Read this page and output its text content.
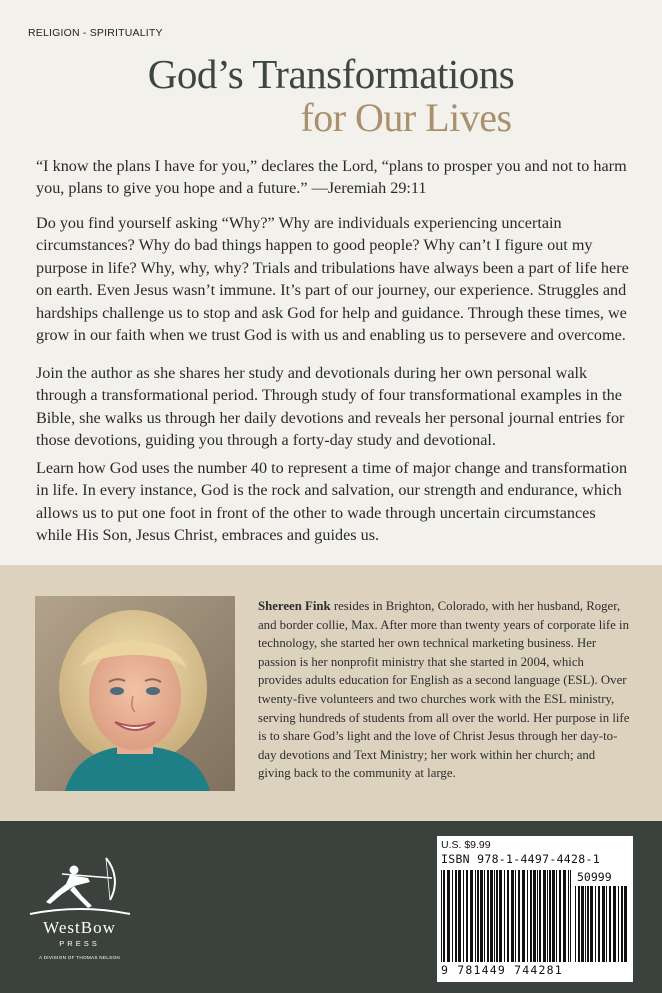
RELIGION - SPIRITUALITY
God’s Transformations
for Our Lives

“I know the plans I have for you,” declares the Lord, “plans to prosper you and not to harm you, plans to give you hope and a future.” —Jeremiah 29:11

Do you find yourself asking “Why?” Why are individuals experiencing uncertain circumstances? Why do bad things happen to good people? Why can’t I figure out my purpose in life? Why, why, why? Trials and tribulations have always been a part of life here on earth. Even Jesus wasn’t immune. It’s part of our journey, our experience. Struggles and hardships challenge us to stop and ask God for help and guidance. Through these times, we grow in our faith when we trust God is with us and enabling us to persevere and overcome.

Join the author as she shares her study and devotionals during her own personal walk through a transformational period. Through study of four transformational examples in the Bible, she walks us through her daily devotions and reveals her personal journal entries for those devotions, guiding you through a forty-day study and devotional.

Learn how God uses the number 40 to represent a time of major change and transformation in life. In every instance, God is the rock and salvation, our strength and endurance, which allows us to put one foot in front of the other to wade through uncertain circumstances while His Son, Jesus Christ, embraces and guides us.

Shereen Fink resides in Brighton, Colorado, with her husband, Roger, and border collie, Max. After more than twenty years of corporate life in technology, she started her own technical marketing business. Her passion is her nonprofit ministry that she started in 2004, which provides adults education for English as a second language (ESL). Over twenty-five volunteers and two churches work with the ESL ministry, serving hundreds of students from all over the world. Her purpose in life is to share God’s light and the love of Christ Jesus through her day-to-day devotions and Text Ministry; her work within her church; and giving back to the community at large.
WestBow
PRESS
A DIVISION OF THOMAS NELSON
U.S. $9.99
ISBN 978-1-4497-4428-1
50999
9 781449 744281
